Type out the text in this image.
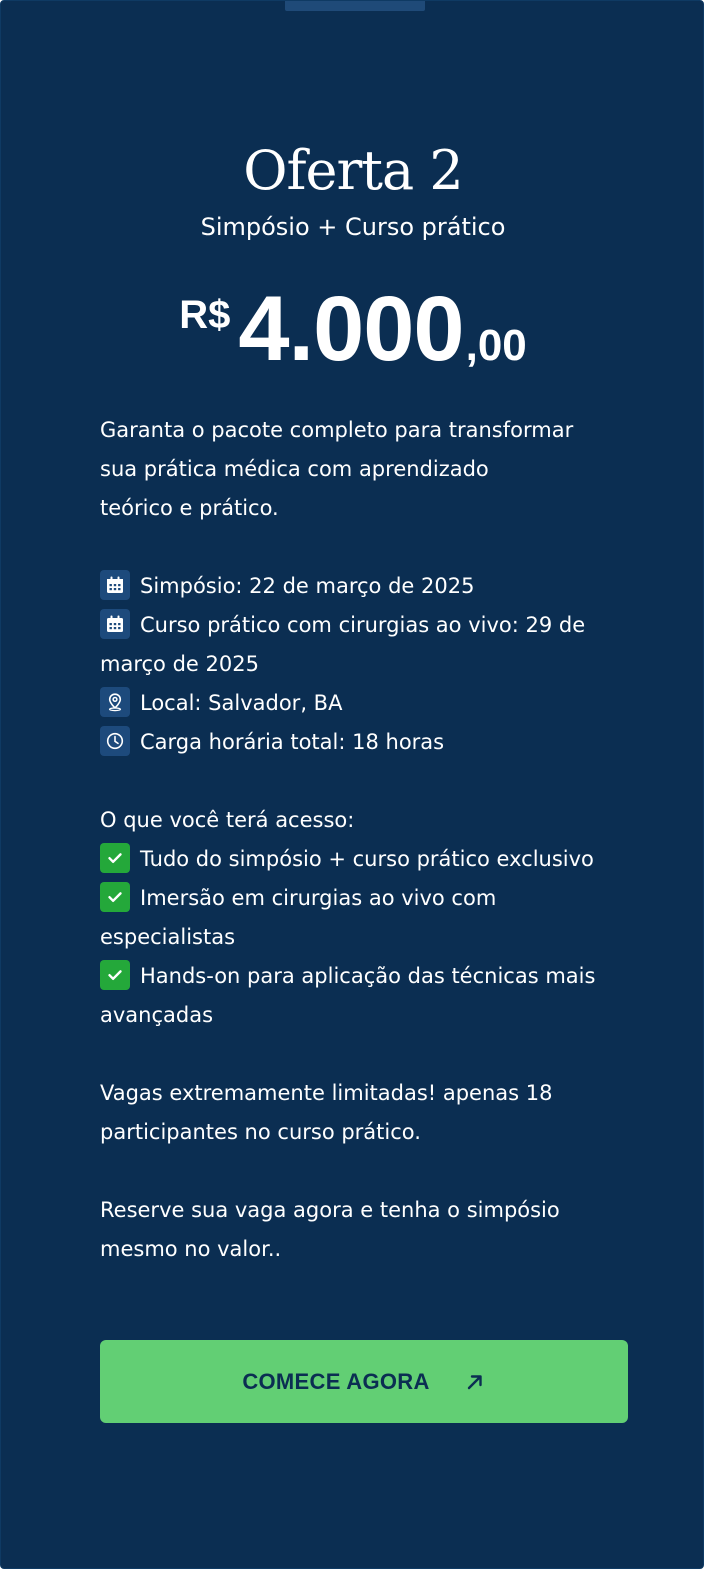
Oferta 2
Simpósio + Curso prático
R$4.000,00

Garanta o pacote completo para transformar
sua prática médica com aprendizado
teórico e prático.

Simpósio: 22 de março de 2025

Curso prático com cirurgias ao vivo: 29 de
março de 2025

Local: Salvador, BA

Carga horária total: 18 horas

O que você terá acesso:

Tudo do simpósio + curso prático exclusivo

Imersão em cirurgias ao vivo com
especialistas

Hands-on para aplicação das técnicas mais
avançadas

Vagas extremamente limitadas! apenas 18
participantes no curso prático.

Reserve sua vaga agora e tenha o simpósio
mesmo no valor..

COMECE AGORA
